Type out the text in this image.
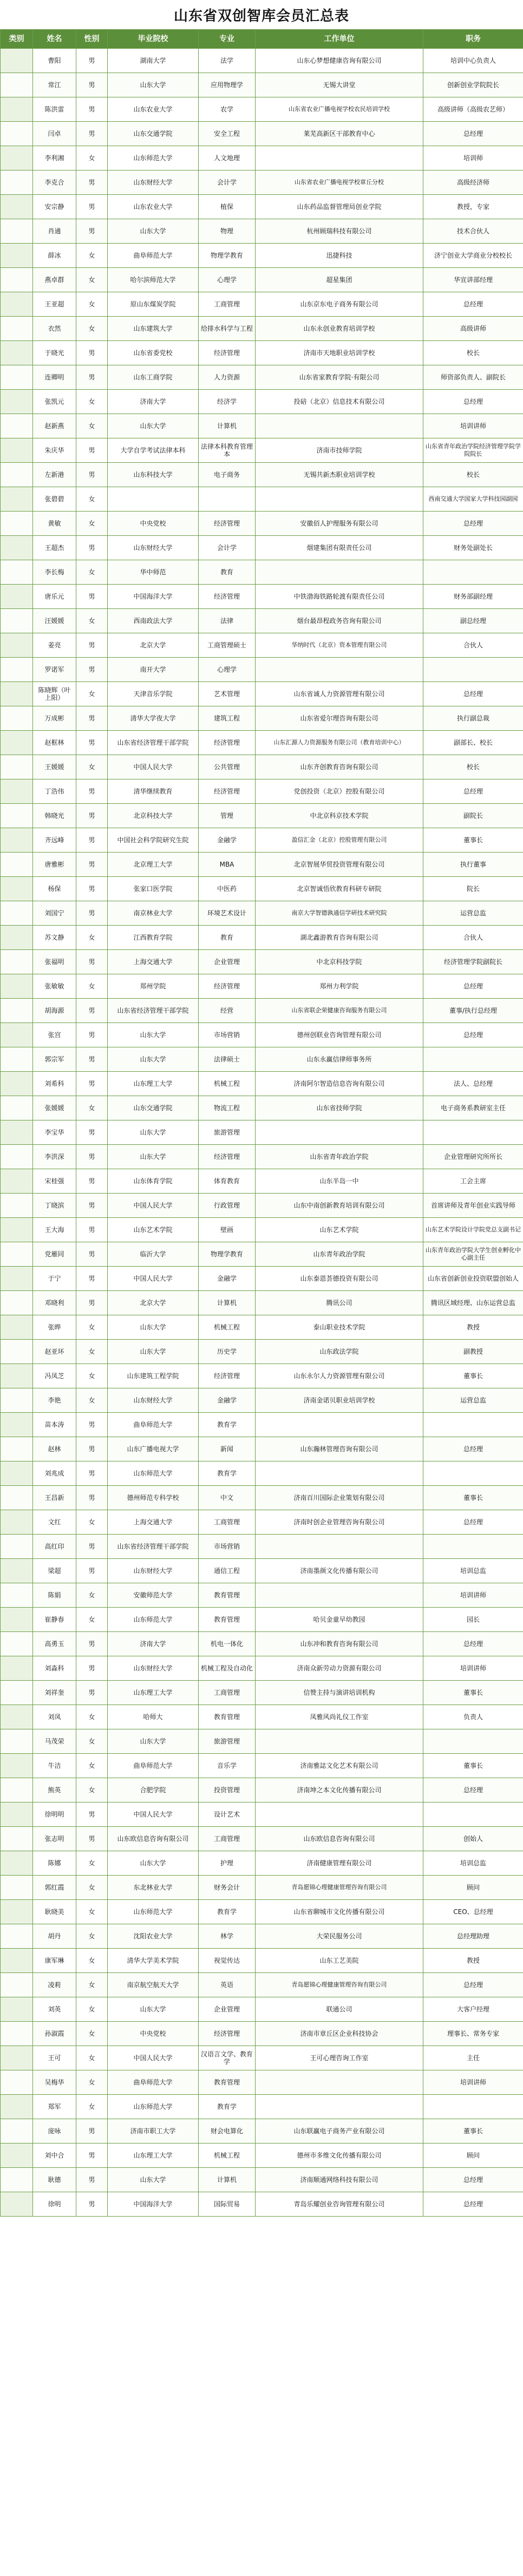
山东省双创智库会员汇总表
类别	姓名	性别	毕业院校	专业	工作单位	职务
	曹阳	男	湖南大学	法学	山东心梦想健康咨询有限公司	培训中心负责人
	常江	男	山东大学	应用物理学	无锡大讲堂	创新创业学院院长
	陈洪雷	男	山东农业大学	农学	山东省农业广播电视学校农民培训学校	高级讲师（高级农艺师）
	闫卓	男	山东交通学院	安全工程	莱芜高新区干部教育中心	总经理
	李利湘	女	山东师范大学	人文地理		培训师
	李克合	男	山东财经大学	会计学	山东省农业广播电视学校章丘分校	高级经济师
	安宗静	男	山东农业大学	植保	山东药品监督管理局创业学院	教授，专家
	肖通	男	山东大学	物理	杭州顾瑞科技有限公司	技术合伙人
	薛冰	女	曲阜师范大学	物理学教育	迅捷科技	济宁创业大学商业分校校长
	燕卓群	女	哈尔滨师范大学	心理学	超星集团	华宣讲部经理
	王亚超	女	原山东煤炭学院	工商管理	山东京东电子商务有限公司	总经理
	衣然	女	山东建筑大学	给排水科学与工程	山东永创业教育培训学校	高级讲师
	于晓光	男	山东省委党校	经济管理	济南市天地职业培训学校	校长
	连卿明	男	山东工商学院	人力资源	山东省家教育学院·有限公司	师资部负责人、副院长
	张凯元	女	济南大学	经济学	投碚（北京）信息技术有限公司	总经理
	赵新燕	女	山东大学	计算机		培训讲师
	朱庆华	男	大学自学考试法律本科	法律本科教育管理本	济南市技师学院	山东省青年政治学院经济管理学院学院院长
	左新港	男	山东科技大学	电子商务	无锡共新杰职业培训学校	校长
	张碧碧	女				西南交通大学国家大学科技园副园
	黄敏	女	中央党校	经济管理	安徽佰人护理服务有限公司	总经理
	王超杰	男	山东财经大学	会计学	烟建集团有限责任公司	财务处副处长
	李长梅	女	华中师范	教育		
	唐乐元	男	中国海洋大学	经济管理	中铁渤海铁路轮渡有限责任公司	财务部副经理
	汪媛媛	女	西南政法大学	法律	烟台最昂程政务咨询有限公司	副总经理
	姜亮	男	北京大学	工商管理硕士	华纳时代（北京）资本管理有限公司	合伙人
	罗诺军	男	南开大学	心理学		
	陈晓辉（叶上阳）	女	天津音乐学院	艺术管理	山东省诚人力资源管理有限公司	总经理
	万成彬	男	清华大学夜大学	建筑工程	山东省爱尔理咨询有限公司	执行副总裁
	赵框林	男	山东省经济管理干部学院	经济管理	山东汇源人力资源服务有限公司（教育培训中心）	副部长、校长
	王媛媛	女	中国人民大学	公共管理	山东齐创教育咨询有限公司	校长
	丁浩伟	男	清华继续教育	经济管理	党创投资（北京）控股有限公司	总经理
	韩晓光	男	北京科技大学	管理	中北京科京技术学院	副院长
	齐远峰	男	中国社会科学院研究生院	金融学	盈信汇金（北京）控股管理有限公司	董事长
	唐雅彬	男	北京理工大学	MBA	北京智展华贸投资管理有限公司	执行董事
	杨保	男	张家口医学院	中医药	北京智诚悟欣教育科研专研院	院长
	刘国宁	男	南京林业大学	环境艺术设计	南京大学智德孰通信学研技术研究院	运营总监
	苏文静	女	江西教育学院	教育	湖北鑫游教育咨询有限公司	合伙人
	张福明	男	上海交通大学	企业管理	中北京科技学院	经济管理学院副院长
	张敏敏	女	郑州学院	经济管理	郑州力利学院	总经理
	胡海源	男	山东省经济管理干部学院	经营	山东省联企荣健康咨询服务有限公司	董事/执行总经理
	张宫	男	山东大学	市场营销	德州创联业咨询管理有限公司	总经理
	郭宗军	男	山东大学	法律硕士	山东永赢信律师事务所	
	刘希科	男	山东理工大学	机械工程	济南阿尔智造信息咨询有限公司	法人、总经理
	张媛媛	女	山东交通学院	物流工程	山东省技师学院	电子商务系教研室主任
	李宝华	男	山东大学	旅游管理		
	李洪深	男	山东大学	经济管理	山东省青年政治学院	企业管理研究所所长
	宋桂强	男	山东体育学院	体育教育	山东半岛一中	工会主席
	丁晓滨	男	中国人民大学	行政管理	山东中南创新教育培训有限公司	首席讲师及青年创业实践导师
	王大海	男	山东艺术学院	壁画	山东艺术学院	山东艺术学院设计学院党总支副书记
	党雁同	男	临沂大学	物理学教育	山东青年政治学院	山东青年政治学院大学生创业孵化中心副主任
	于宁	男	中国人民大学	金融学	山东泰恩荟德投资有限公司	山东省创新创业投资联盟创始人
	邓晓利	男	北京大学	计算机	腾讯公司	腾讯区域经理、山东运营总监
	张晔	女	山东大学	机械工程	泰山职业技术学院	教授
	赵亚环	女	山东大学	历史学	山东政法学院	副教授
	冯凤芝	女	山东建筑工程学院	经济管理	山东永尔人力资源管理有限公司	董事长
	李艳	女	山东财经大学	金融学	济南金诺贝职业培训学校	运营总监
	苗本涛	男	曲阜师范大学	教育学		
	赵林	男	山东广播电视大学	新闻	山东瀚林管理咨询有限公司	总经理
	刘兆成	男	山东师范大学	教育学		
	王昌新	男	德州师范专科学校	中文	济南百川国际企业策划有限公司	董事长
	文红	女	上海交通大学	工商管理	济南时创企业管理咨询有限公司	总经理
	高红印	男	山东省经济管理干部学院	市场营销		
	梁超	男	山东财经大学	通信工程	济南墨颜文化传播有限公司	培训总监
	陈娟	女	安徽师范大学	教育管理		培训讲师
	崔静春	女	山东师范大学	教育管理	哈贝金童早幼教园	园长
	高勇玉	男	济南大学	机电一体化	山东冲和教育咨询有限公司	总经理
	刘淼科	男	山东财经大学	机械工程及自动化	济南众新劳动力资源有限公司	培训讲师
	刘祥奎	男	山东理工大学	工商管理	信赞主持与演讲培训机构	董事长
	刘凤	女	哈师大	教育管理	凤雅风尚礼仪工作室	负责人
	马茂荣	女	山东大学	旅游管理		
	牛洁	女	曲阜师范大学	音乐学	济南雅誌文化艺术有限公司	董事长
	熊英	女	合肥学院	投资管理	济南坤之本文化传播有限公司	总经理
	徐明明	男	中国人民大学	设计艺术		
	张志明	男	山东欧信息咨询有限公司	工商管理	山东欧信息咨询有限公司	创始人
	陈娜	女	山东大学	护理	济南健康管理有限公司	培训总监
	郭红霞	女	东北林业大学	财务会计	青岛愿锦心理健康管理咨询有限公司	顾问
	耿晓美	女	山东师范大学	教育学	山东省聊城市文化传播有限公司	CEO、总经理
	胡丹	女	沈阳农业大学	林学	大荣民服务公司	总经理助理
	康军琳	女	清华大学美术学院	视觉传达	山东工艺美院	教授
	凌莉	女	南京航空航天大学	英语	青岛愿锦心理健康管理咨询有限公司	总经理
	刘英	女	山东大学	企业管理	联通公司	大客户经理
	孙淑霞	女	中央党校	经济管理	济南市章丘区企业科技协会	理事长、常务专家
	王可	女	中国人民大学	汉语言文学、教育学	王可心理咨询工作室	主任
	吴梅华	女	曲阜师范大学	教育管理		培训讲师
	郑军	女	山东师范大学	教育学		
	庞咏	男	济南市职工大学	财会电算化	山东联赢电子商务产业有限公司	董事长
	刘中合	男	山东理工大学	机械工程	德州市多维文化传播有限公司	顾问
	耿德	男	山东大学	计算机	济南顺通网络科技有限公司	总经理
	徐明	男	中国海洋大学	国际贸易	青岛乐耀创业咨询管理有限公司	总经理
